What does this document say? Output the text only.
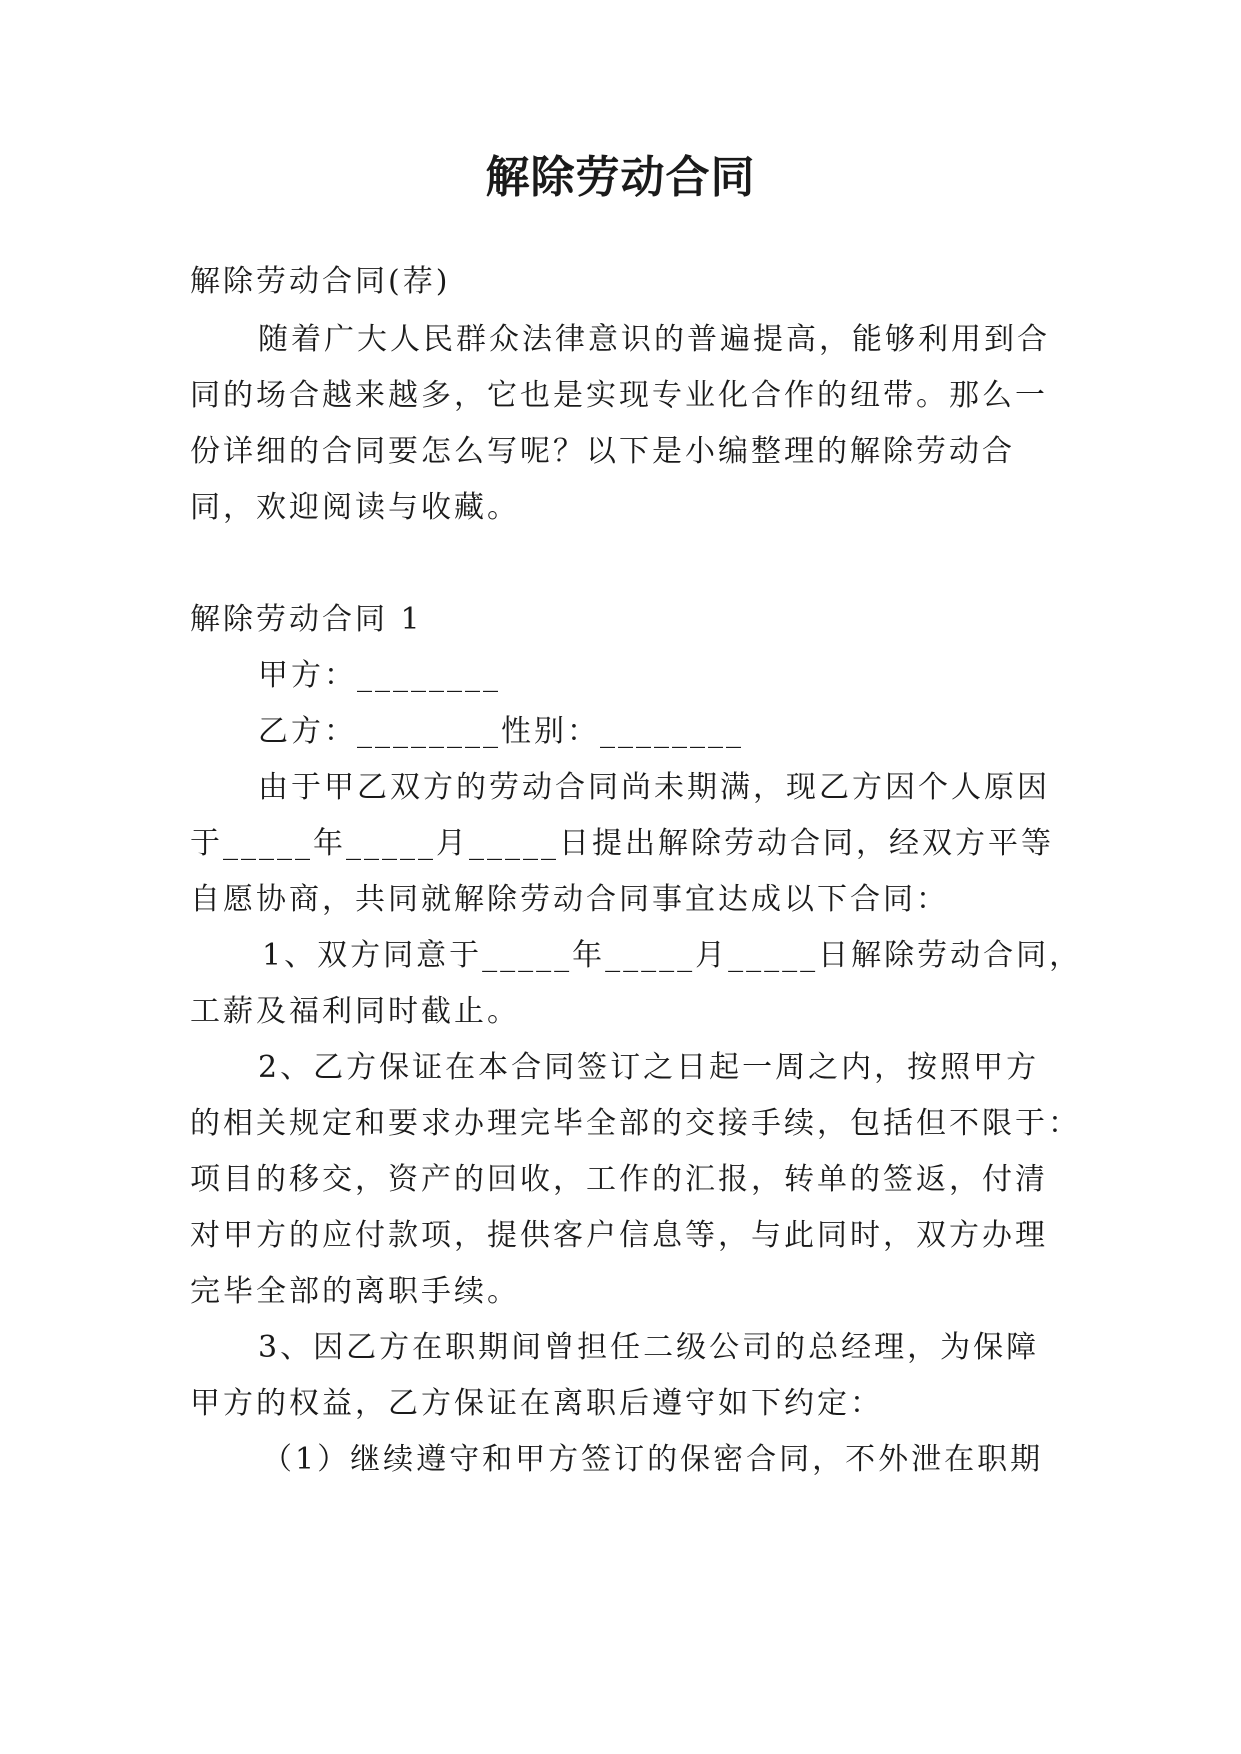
解除劳动合同
解除劳动合同(荐)
随着广大人民群众法律意识的普遍提高，能够利用到合
同的场合越来越多，它也是实现专业化合作的纽带。那么一
份详细的合同要怎么写呢？以下是小编整理的解除劳动合
同，欢迎阅读与收藏。
解除劳动合同 1
甲方：________
乙方：________性别：________
由于甲乙双方的劳动合同尚未期满，现乙方因个人原因
于_____年_____月_____日提出解除劳动合同，经双方平等
自愿协商，共同就解除劳动合同事宜达成以下合同：
1、双方同意于_____年_____月_____日解除劳动合同，
工薪及福利同时截止。
2、乙方保证在本合同签订之日起一周之内，按照甲方
的相关规定和要求办理完毕全部的交接手续，包括但不限于：
项目的移交，资产的回收，工作的汇报，转单的签返，付清
对甲方的应付款项，提供客户信息等，与此同时，双方办理
完毕全部的离职手续。
3、因乙方在职期间曾担任二级公司的总经理，为保障
甲方的权益，乙方保证在离职后遵守如下约定：
（1）继续遵守和甲方签订的保密合同，不外泄在职期
